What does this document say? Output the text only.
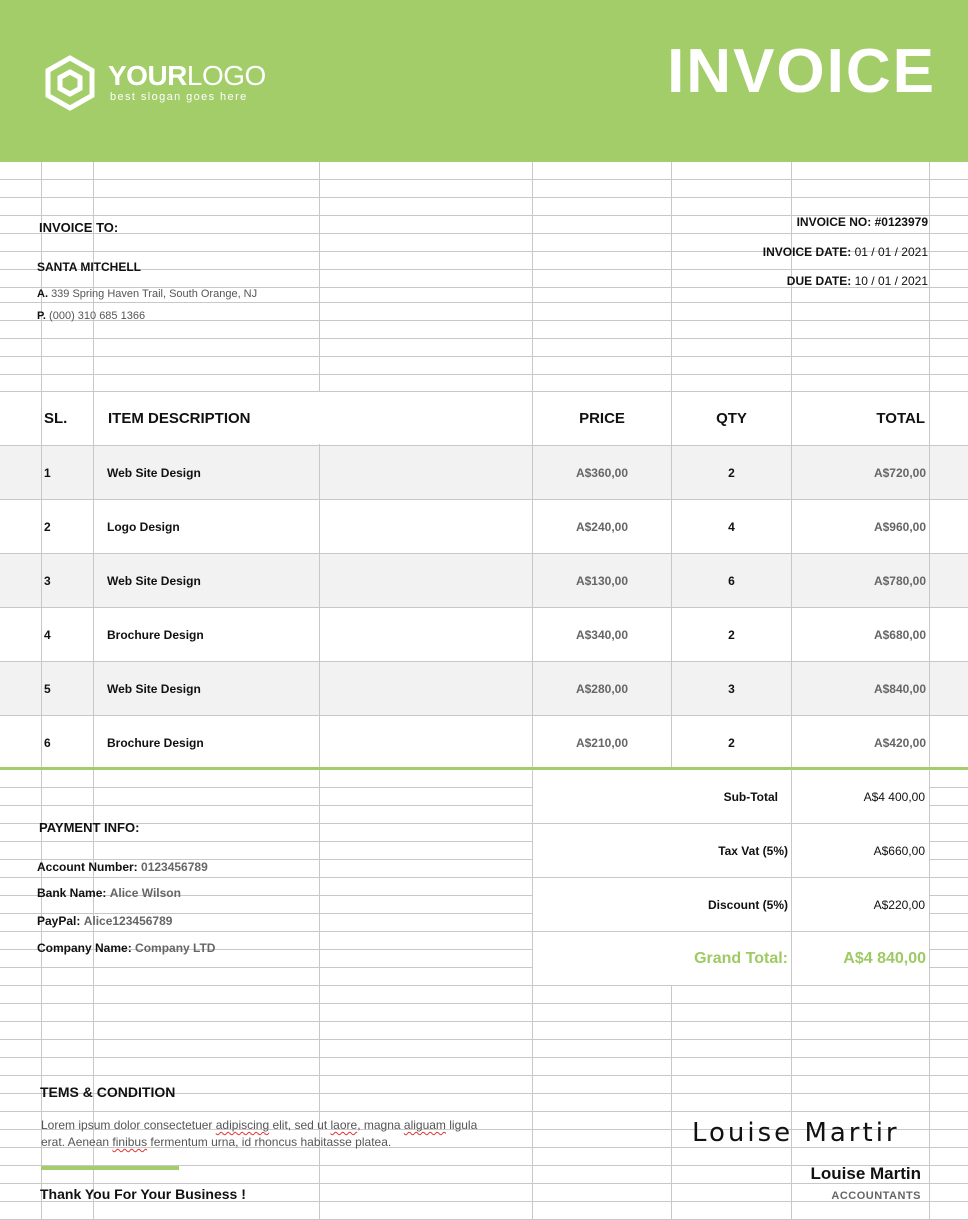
YOURLOGO
best slogan goes here	INVOICE
INVOICE TO:
SANTA MITCHELL
A. 339 Spring Haven Trail, South Orange, NJ
P. (000) 310 685 1366
INVOICE NO: #0123979
INVOICE DATE: 01 / 01 / 2021
DUE DATE: 10 / 01 / 2021
SL.	ITEM DESCRIPTION	PRICE	QTY	TOTAL
1	Web Site Design	A$360,00	2	A$720,00
2	Logo Design	A$240,00	4	A$960,00
3	Web Site Design	A$130,00	6	A$780,00
4	Brochure Design	A$340,00	2	A$680,00
5	Web Site Design	A$280,00	3	A$840,00
6	Brochure Design	A$210,00	2	A$420,00
Sub-Total	A$4 400,00
Tax Vat (5%)	A$660,00
Discount (5%)	A$220,00
Grand Total:	A$4 840,00
PAYMENT INFO:
Account Number: 0123456789
Bank Name: Alice Wilson
PayPal: Alice123456789
Company Name: Company LTD
TEMS & CONDITION
Lorem ipsum dolor consectetuer adipiscing elit, sed ut laore, magna aliguam ligula
erat. Aenean finibus fermentum urna, id rhoncus habitasse platea.
Thank You For Your Business !
Louise Martir
Louise Martin
ACCOUNTANTS
